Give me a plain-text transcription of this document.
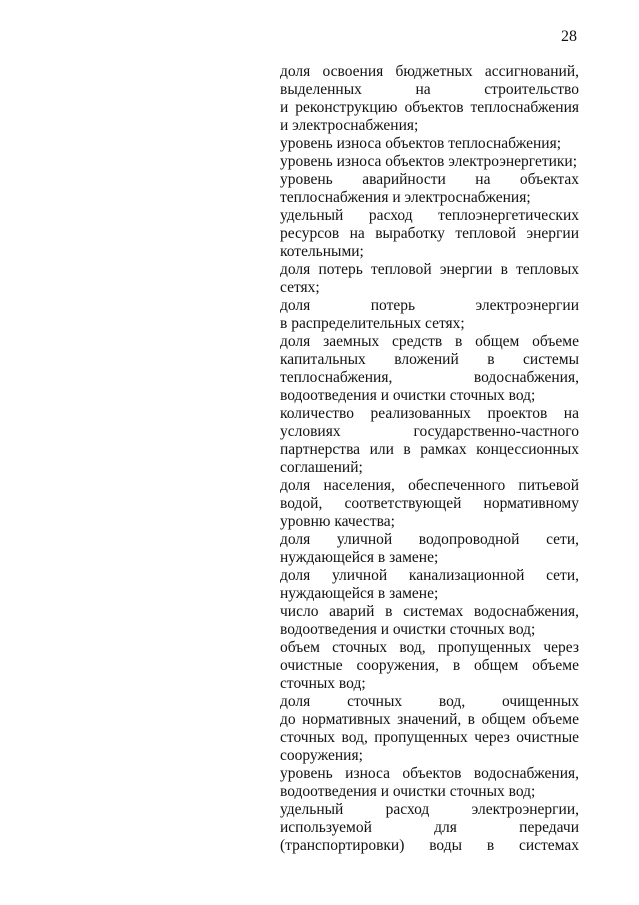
28
доля освоения бюджетных ассигнований,
выделенных на строительство
и реконструкцию объектов теплоснабжения
и электроснабжения;
уровень износа объектов теплоснабжения;
уровень износа объектов электроэнергетики;
уровень аварийности на объектах
теплоснабжения и электроснабжения;
удельный расход теплоэнергетических
ресурсов на выработку тепловой энергии
котельными;
доля потерь тепловой энергии в тепловых
сетях;
доля потерь электроэнергии
в распределительных сетях;
доля заемных средств в общем объеме
капитальных вложений в системы
теплоснабжения, водоснабжения,
водоотведения и очистки сточных вод;
количество реализованных проектов на
условиях государственно-частного
партнерства или в рамках концессионных
соглашений;
доля населения, обеспеченного питьевой
водой, соответствующей нормативному
уровню качества;
доля уличной водопроводной сети,
нуждающейся в замене;
доля уличной канализационной сети,
нуждающейся в замене;
число аварий в системах водоснабжения,
водоотведения и очистки сточных вод;
объем сточных вод, пропущенных через
очистные сооружения, в общем объеме
сточных вод;
доля сточных вод, очищенных
до нормативных значений, в общем объеме
сточных вод, пропущенных через очистные
сооружения;
уровень износа объектов водоснабжения,
водоотведения и очистки сточных вод;
удельный расход электроэнергии,
используемой для передачи
(транспортировки) воды в системах
